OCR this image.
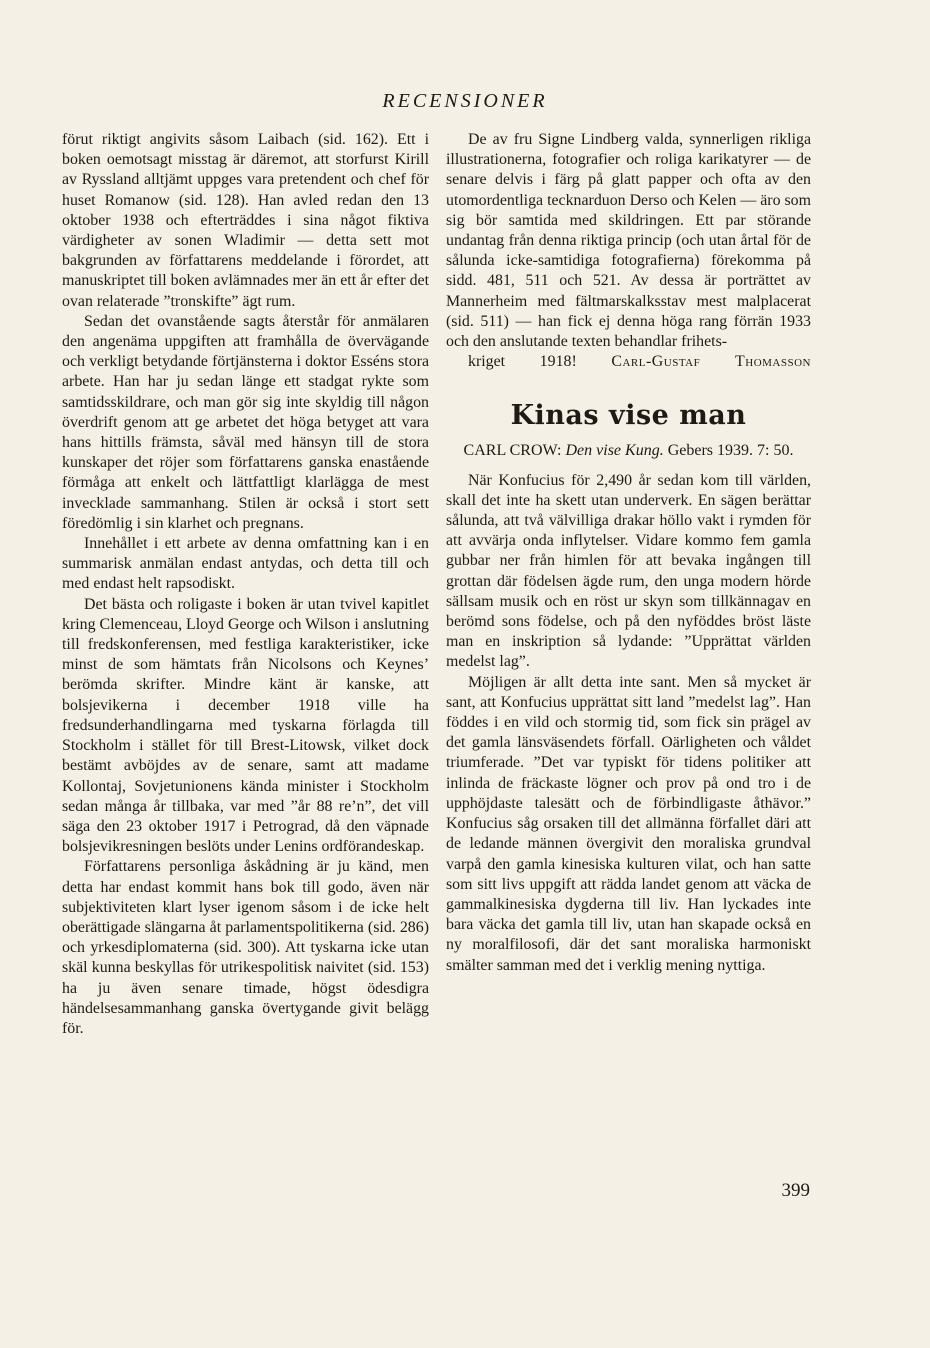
RECENSIONER

förut riktigt angivits såsom Laibach (sid. 162). Ett i boken oemotsagt misstag är däremot, att storfurst Kirill av Ryssland alltjämt uppges vara pretendent och chef för huset Romanow (sid. 128). Han avled redan den 13 oktober 1938 och efterträddes i sina något fiktiva värdigheter av sonen Wladimir — detta sett mot bakgrunden av författarens meddelande i förordet, att manuskriptet till boken avlämnades mer än ett år efter det ovan relaterade ”tronskifte” ägt rum.

Sedan det ovanstående sagts återstår för anmälaren den angenäma uppgiften att framhålla de övervägande och verkligt betydande förtjänsterna i doktor Esséns stora arbete. Han har ju sedan länge ett stadgat rykte som samtidsskildrare, och man gör sig inte skyldig till någon överdrift genom att ge arbetet det höga betyget att vara hans hittills främsta, såväl med hänsyn till de stora kunskaper det röjer som författarens ganska enastående förmåga att enkelt och lättfattligt klarlägga de mest invecklade sammanhang. Stilen är också i stort sett föredömlig i sin klarhet och pregnans.

Innehållet i ett arbete av denna omfattning kan i en summarisk anmälan endast antydas, och detta till och med endast helt rapsodiskt.

Det bästa och roligaste i boken är utan tvivel kapitlet kring Clemenceau, Lloyd George och Wilson i anslutning till fredskonferensen, med festliga karakteristiker, icke minst de som hämtats från Nicolsons och Keynes’ berömda skrifter. Mindre känt är kanske, att bolsjevikerna i december 1918 ville ha fredsunderhandlingarna med tyskarna förlagda till Stockholm i stället för till Brest-Litowsk, vilket dock bestämt avböjdes av de senare, samt att madame Kollontaj, Sovjetunionens kända minister i Stockholm sedan många år tillbaka, var med ”år 88 re’n”, det vill säga den 23 oktober 1917 i Petrograd, då den väpnade bolsjevikresningen beslöts under Lenins ordförandeskap.

Författarens personliga åskådning är ju känd, men detta har endast kommit hans bok till godo, även när subjektiviteten klart lyser igenom såsom i de icke helt oberättigade slängarna åt parlamentspolitikerna (sid. 286) och yrkesdiplomaterna (sid. 300). Att tyskarna icke utan skäl kunna beskyllas för utrikespolitisk naivitet (sid. 153) ha ju även senare timade, högst ödesdigra händelsesammanhang ganska övertygande givit belägg för.

De av fru Signe Lindberg valda, synnerligen rikliga illustrationerna, fotografier och roliga karikatyrer — de senare delvis i färg på glatt papper och ofta av den utomordentliga tecknarduon Derso och Kelen — äro som sig bör samtida med skildringen. Ett par störande undantag från denna riktiga princip (och utan årtal för de sålunda icke-samtidiga fotografierna) förekomma på sidd. 481, 511 och 521. Av dessa är porträttet av Mannerheim med fältmarskalksstav mest malplacerat (sid. 511) — han fick ej denna höga rang förrän 1933 och den anslutande texten behandlar frihets-
kriget 1918! Carl-Gustaf Thomasson

Kinas vise man
CARL CROW: Den vise Kung. Gebers 1939. 7: 50.

När Konfucius för 2,490 år sedan kom till världen, skall det inte ha skett utan underverk. En sägen berättar sålunda, att två välvilliga drakar höllo vakt i rymden för att avvärja onda inflytelser. Vidare kommo fem gamla gubbar ner från himlen för att bevaka ingången till grottan där födelsen ägde rum, den unga modern hörde sällsam musik och en röst ur skyn som tillkännagav en berömd sons födelse, och på den nyföddes bröst läste man en inskription så lydande: ”Upprättat världen medelst lag”.

Möjligen är allt detta inte sant. Men så mycket är sant, att Konfucius upprättat sitt land ”medelst lag”. Han föddes i en vild och stormig tid, som fick sin prägel av det gamla länsväsendets förfall. Oärligheten och våldet triumferade. ”Det var typiskt för tidens politiker att inlinda de fräckaste lögner och prov på ond tro i de upphöjdaste talesätt och de förbindligaste åthävor.” Konfucius såg orsaken till det allmänna förfallet däri att de ledande männen övergivit den moraliska grundval varpå den gamla kinesiska kulturen vilat, och han satte som sitt livs uppgift att rädda landet genom att väcka de gammalkinesiska dygderna till liv. Han lyckades inte bara väcka det gamla till liv, utan han skapade också en ny moralfilosofi, där det sant moraliska harmoniskt smälter samman med det i verklig mening nyttiga.

399
